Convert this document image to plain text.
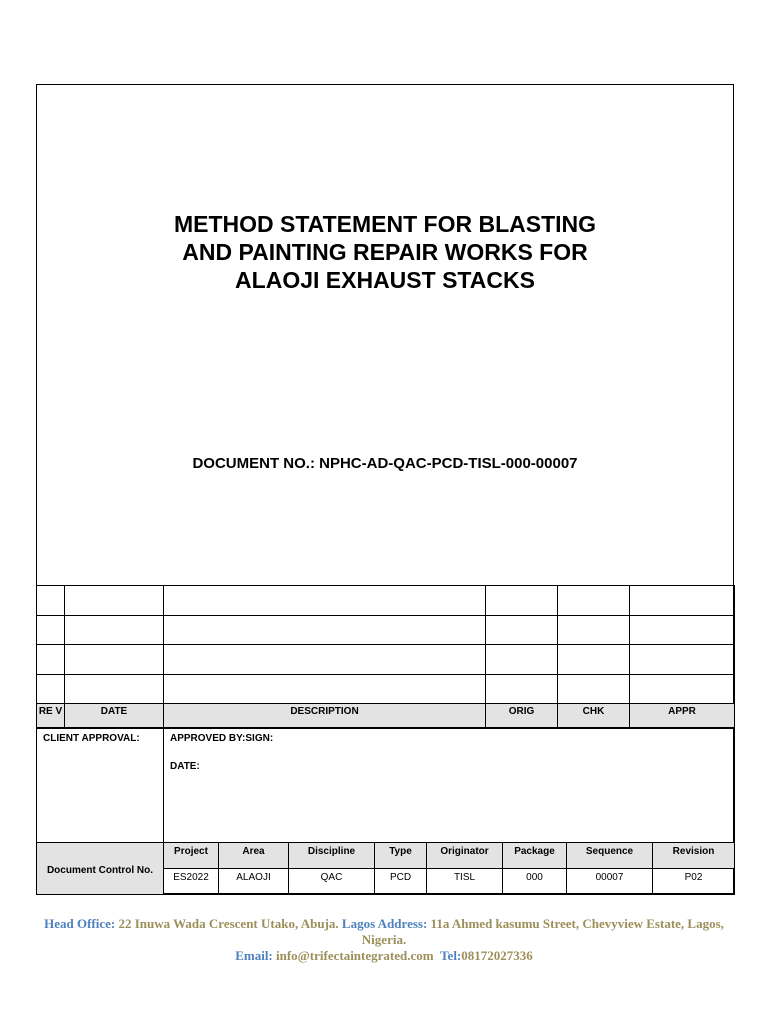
METHOD STATEMENT FOR BLASTING
AND PAINTING REPAIR WORKS FOR
ALAOJI EXHAUST STACKS
DOCUMENT NO.: NPHC-AD-QAC-PCD-TISL-000-00007

RE V	DATE	DESCRIPTION	ORIG	CHK	APPR
CLIENT APPROVAL:	APPROVED BY:SIGN:
DATE:
Document Control No.	Project	Area	Discipline	Type	Originator	Package	Sequence	Revision
	ES2022	ALAOJI	QAC	PCD	TISL	000	00007	P02
Head Office: 22 Inuwa Wada Crescent Utako, Abuja. Lagos Address: 11a Ahmed kasumu Street, Chevyview Estate, Lagos, Nigeria.
Email: info@trifectaintegrated.com Tel:08172027336
